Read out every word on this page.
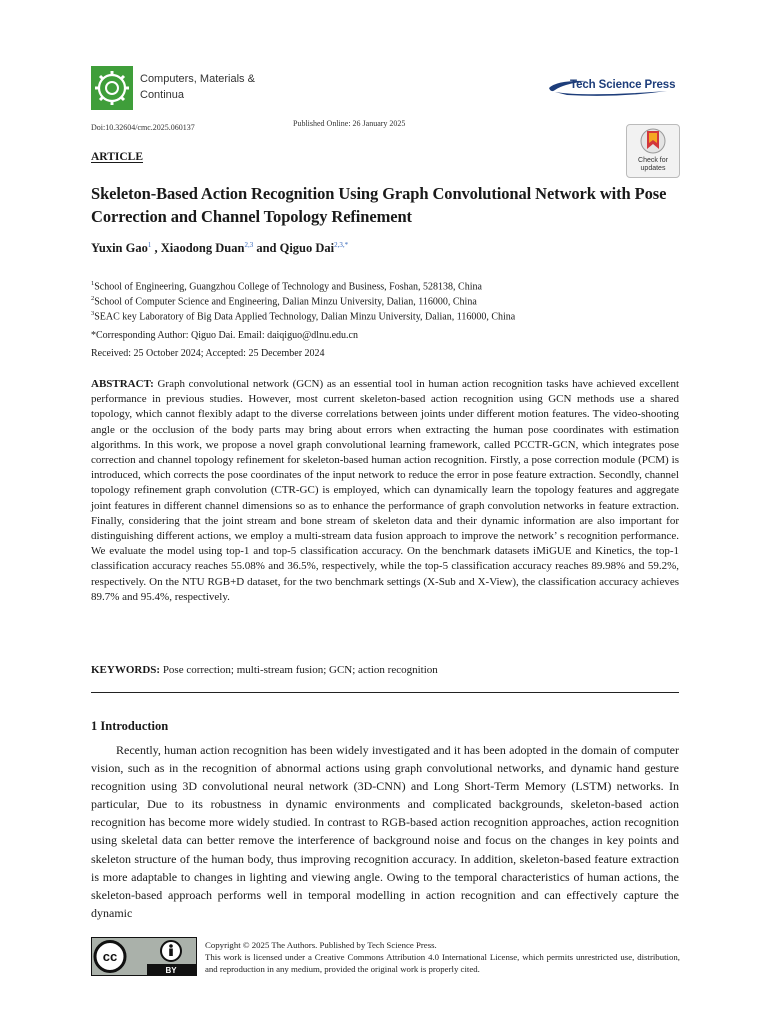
Computers, Materials &
Continua
Tech Science Press
Doi:10.32604/cmc.2025.060137	Published Online: 26 January 2025
Check for
updates
ARTICLE
Skeleton-Based Action Recognition Using Graph Convolutional Network with Pose Correction and Channel Topology Refinement
Yuxin Gao$^1$ , Xiaodong Duan$^{2,3}$ and Qiguo Dai$^{2,3,*}$
$^1$School of Engineering, Guangzhou College of Technology and Business, Foshan, 528138, China
$^2$School of Computer Science and Engineering, Dalian Minzu University, Dalian, 116000, China
$^3$SEAC key Laboratory of Big Data Applied Technology, Dalian Minzu University, Dalian, 116000, China
*Corresponding Author: Qiguo Dai. Email: daiqiguo@dlnu.edu.cn
Received: 25 October 2024; Accepted: 25 December 2024
ABSTRACT: Graph convolutional network (GCN) as an essential tool in human action recognition tasks have achieved excellent performance in previous studies. However, most current skeleton-based action recognition using GCN methods use a shared topology, which cannot flexibly adapt to the diverse correlations between joints under different motion features. The video-shooting angle or the occlusion of the body parts may bring about errors when extracting the human pose coordinates with estimation algorithms. In this work, we propose a novel graph convolutional learning framework, called PCCTR-GCN, which integrates pose correction and channel topology refinement for skeleton-based human action recognition. Firstly, a pose correction module (PCM) is introduced, which corrects the pose coordinates of the input network to reduce the error in pose feature extraction. Secondly, channel topology refinement graph convolution (CTR-GC) is employed, which can dynamically learn the topology features and aggregate joint features in different channel dimensions so as to enhance the performance of graph convolution networks in feature extraction. Finally, considering that the joint stream and bone stream of skeleton data and their dynamic information are also important for distinguishing different actions, we employ a multi-stream data fusion approach to improve the network’ s recognition performance. We evaluate the model using top-1 and top-5 classification accuracy. On the benchmark datasets iMiGUE and Kinetics, the top-1 classification accuracy reaches 55.08% and 36.5%, respectively, while the top-5 classification accuracy reaches 89.98% and 59.2%, respectively. On the NTU RGB+D dataset, for the two benchmark settings (X-Sub and X-View), the classification accuracy achieves 89.7% and 95.4%, respectively.
KEYWORDS: Pose correction; multi-stream fusion; GCN; action recognition
1 Introduction
Recently, human action recognition has been widely investigated and it has been adopted in the domain of computer vision, such as in the recognition of abnormal actions using graph convolutional networks, and dynamic hand gesture recognition using 3D convolutional neural network (3D-CNN) and Long Short-Term Memory (LSTM) networks. In particular, Due to its robustness in dynamic environments and complicated backgrounds, skeleton-based action recognition has become more widely studied. In contrast to RGB-based action recognition approaches, action recognition using skeletal data can better remove the interference of background noise and focus on the changes in key points and skeleton structure of the human body, thus improving recognition accuracy. In addition, skeleton-based feature extraction is more adaptable to changes in lighting and viewing angle. Owing to the temporal characteristics of human actions, the skeleton-based approach performs well in temporal modelling in action recognition and can effectively capture the dynamic
cc
BY
Copyright © 2025 The Authors. Published by Tech Science Press.
This work is licensed under a Creative Commons Attribution 4.0 International License, which permits unrestricted use, distribution, and reproduction in any medium, provided the original work is properly cited.
